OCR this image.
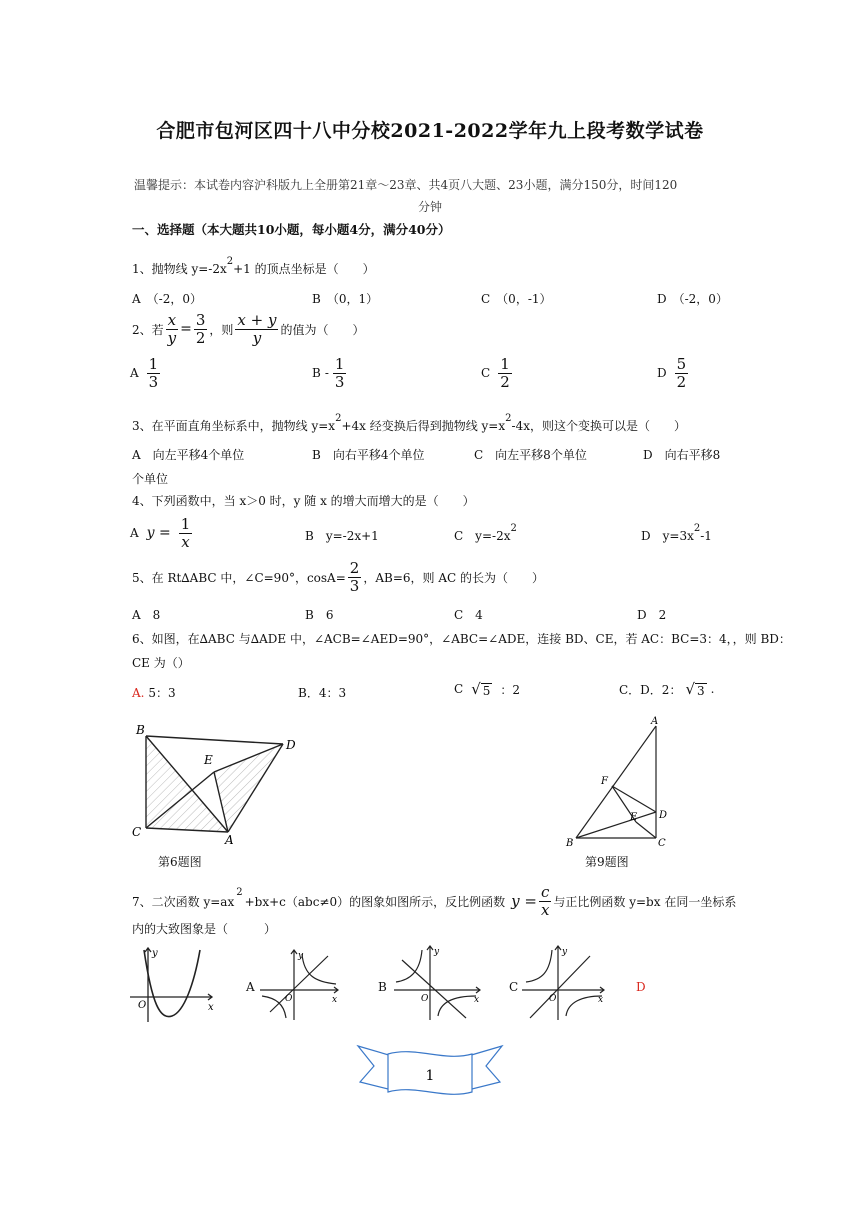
合肥市包河区四十八中分校2021-2022学年九上段考数学试卷
温馨提示：本试卷内容沪科版九上全册第21章～23章、共4页八大题、23小题，满分150分，时间120
分钟
一、选择题（本大题共10小题，每小题4分，满分40分）
1、抛物线 $y=-2x^2+1$ 的顶点坐标是（　　）
A　（-2，0）	B　（0，1）	C　（0，-1）	D　（-2，0）
2、若 $\frac{x}{y} = \frac{3}{2}$ ，则 $\frac{x + y}{y}$ 的值为（　　）
A $\frac{1}{3}$	B - $\frac{1}{3}$	C $\frac{1}{2}$	D $\frac{5}{2}$
3、在平面直角坐标系中，抛物线 $y=x^2+4x$ 经变换后得到抛物线 $y=x^2-4x$，则这个变换可以是（　　）
A　向左平移4个单位	B　向右平移4个单位	C　向左平移8个单位	D　向右平移8
个单位
4、下列函数中，当 x＞0 时，y 随 x 的增大而增大的是（　　）
A $y = \frac{1}{x}$	B　y=-2x+1	C　$y=-2x^2$
D　$y=3x^2-1$
5、在 Rt∆ABC 中，∠C=90°，$\cos A= \frac{2}{3}$ ，AB=6，则 AC 的长为（　　）
A　8	B　6	C　4	D　2
6、如图，在∆ABC 与∆ADE 中，∠ACB=∠AED=90°，∠ABC=∠ADE，连接 BD、CE，若 AC：BC=3：4，，则 BD：
CE 为（）
A. 5：3	B．4：3	C √ 5 ：2	C．D．2： √ 3 .
B
D
E
C
A
第6题图
A
F
D
E
B	C
第9题图
7、二次函数 y=ax
2
+bx+c（abc≠0）的图象如图所示，反比例函数 $y = \frac{c}{x}$ 与正比例函数 y=bx 在同一坐标系
内的大致图象是（　　　）
y
x
O
A
y
x
O
B
y
x
O
C
y
x
O
D
1
